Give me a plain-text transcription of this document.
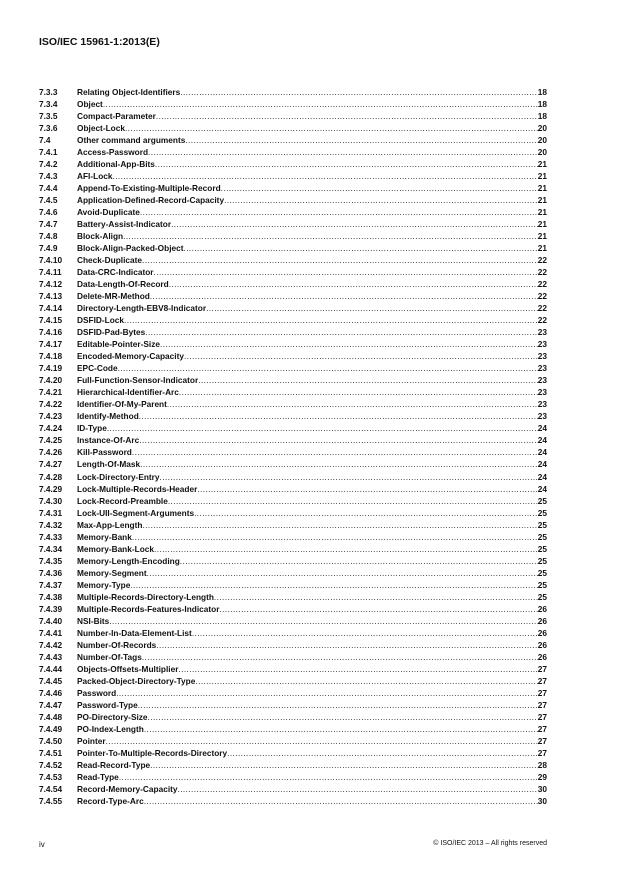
ISO/IEC 15961-1:2013(E)
7.3.3	Relating Object-Identifiers .....	18
7.3.4	Object .....	18
7.3.5	Compact-Parameter .....	18
7.3.6	Object-Lock .....	20
7.4	Other command arguments .....	20
7.4.1	Access-Password .....	20
7.4.2	Additional-App-Bits .....	21
7.4.3	AFI-Lock .....	21
7.4.4	Append-To-Existing-Multiple-Record .....	21
7.4.5	Application-Defined-Record-Capacity .....	21
7.4.6	Avoid-Duplicate .....	21
7.4.7	Battery-Assist-Indicator .....	21
7.4.8	Block-Align .....	21
7.4.9	Block-Align-Packed-Object .....	21
7.4.10	Check-Duplicate .....	22
7.4.11	Data-CRC-Indicator .....	22
7.4.12	Data-Length-Of-Record .....	22
7.4.13	Delete-MR-Method .....	22
7.4.14	Directory-Length-EBV8-Indicator .....	22
7.4.15	DSFID-Lock .....	22
7.4.16	DSFID-Pad-Bytes .....	23
7.4.17	Editable-Pointer-Size .....	23
7.4.18	Encoded-Memory-Capacity .....	23
7.4.19	EPC-Code .....	23
7.4.20	Full-Function-Sensor-Indicator .....	23
7.4.21	Hierarchical-Identifier-Arc .....	23
7.4.22	Identifier-Of-My-Parent .....	23
7.4.23	Identify-Method .....	23
7.4.24	ID-Type .....	24
7.4.25	Instance-Of-Arc .....	24
7.4.26	Kill-Password .....	24
7.4.27	Length-Of-Mask .....	24
7.4.28	Lock-Directory-Entry .....	24
7.4.29	Lock-Multiple-Records-Header .....	24
7.4.30	Lock-Record-Preamble .....	25
7.4.31	Lock-UII-Segment-Arguments .....	25
7.4.32	Max-App-Length .....	25
7.4.33	Memory-Bank .....	25
7.4.34	Memory-Bank-Lock .....	25
7.4.35	Memory-Length-Encoding .....	25
7.4.36	Memory-Segment .....	25
7.4.37	Memory-Type .....	25
7.4.38	Multiple-Records-Directory-Length .....	25
7.4.39	Multiple-Records-Features-Indicator .....	26
7.4.40	NSI-Bits .....	26
7.4.41	Number-In-Data-Element-List .....	26
7.4.42	Number-Of-Records .....	26
7.4.43	Number-Of-Tags .....	26
7.4.44	Objects-Offsets-Multiplier .....	27
7.4.45	Packed-Object-Directory-Type .....	27
7.4.46	Password .....	27
7.4.47	Password-Type .....	27
7.4.48	PO-Directory-Size .....	27
7.4.49	PO-Index-Length .....	27
7.4.50	Pointer .....	27
7.4.51	Pointer-To-Multiple-Records-Directory .....	27
7.4.52	Read-Record-Type .....	28
7.4.53	Read-Type .....	29
7.4.54	Record-Memory-Capacity .....	30
7.4.55	Record-Type-Arc .....	30
iv	© ISO/IEC 2013 – All rights reserved
